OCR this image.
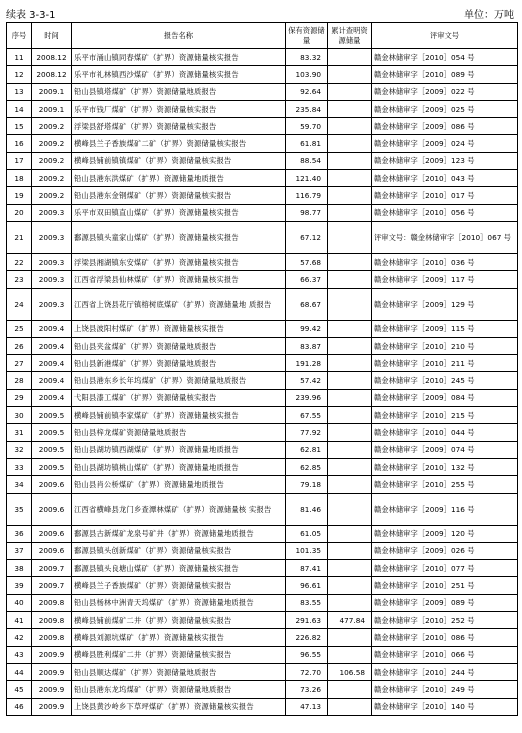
续表 3-3-1	单位：万吨
序号	时间	报告名称	保有资源储量	累计查明资源储量	评审文号
11	2008.12	乐平市涌山镇同春煤矿（扩界）资源储量核实报告	83.32		赣金林储审字［2010］054 号
12	2008.12	乐平市礼林镇西沙煤矿（扩界）资源储量核实报告	103.90		赣金林储审字［2010］089 号
13	2009.1	铅山县镇塔煤矿（扩界）资源储量地质报告	92.64		赣金林储审字［2009］022 号
14	2009.1	乐平市钱厂煤矿（扩界）资源储量核实报告	235.84		赣金林储审字［2009］025 号
15	2009.2	浮梁县舒塔煤矿（扩界）资源储量核实报告	59.70		赣金林储审字［2009］086 号
16	2009.2	横峰县兰子香族煤矿二矿（扩界）资源储量核实报告	61.81		赣金林储审字［2009］024 号
17	2009.2	横峰县铺前镇镇煤矿（扩界）资源储量核实报告	88.54		赣金林储审字［2009］123 号
18	2009.2	铅山县港东洪煤矿（扩界）资源储量地质报告	121.40		赣金林储审字［2010］043 号
19	2009.2	铅山县港东金钢煤矿（扩界）资源储量核实报告	116.79		赣金林储审字［2010］017 号
20	2009.3	乐平市双田镇直山煤矿（扩界）资源储量核实报告	98.77		赣金林储审字［2010］056 号
21	2009.3	鄱源县镇头童家山煤矿（扩界）资源储量核实报告	67.12		评审文号：赣金林储审字［2010］067 号
22	2009.3	浮梁县湘湖镇东安煤矿（扩界）资源储量核实报告	57.68		赣金林储审字［2010］036 号
23	2009.3	江西省浮梁县仙林煤矿（扩界）资源储量核实报告	66.37		赣金林储审字［2009］117 号
24	2009.3	江西省上饶县花厅镇榕树底煤矿（扩界）资源储量地 质报告	68.67		赣金林储审字［2009］129 号
25	2009.4	上饶县波阳村煤矿（扩界）资源储量核实报告	99.42		赣金林储审字［2009］115 号
26	2009.4	铅山县夹盆煤矿（扩界）资源储量地质报告	83.87		赣金林储审字［2010］210 号
27	2009.4	铅山县新港煤矿（扩界）资源储量地质报告	191.28		赣金林储审字［2010］211 号
28	2009.4	铅山县港东乡长年坞煤矿（扩界）资源储量地质报告	57.42		赣金林储审字［2010］245 号
29	2009.4	弋阳县漆工煤矿（扩界）资源储量核实报告	239.96		赣金林储审字［2009］084 号
30	2009.5	横峰县铺前镇李家煤矿（扩界）资源储量核实报告	67.55		赣金林储审字［2010］215 号
31	2009.5	铅山县梓龙煤矿资源储量地质报告	77.92		赣金林储审字［2010］044 号
32	2009.5	铅山县湖坊镇西湖煤矿（扩界）资源储量地质报告	62.81		赣金林储审字［2009］074 号
33	2009.5	铅山县湖坊镇桃山煤矿（扩界）资源储量地质报告	62.85		赣金林储审字［2010］132 号
34	2009.6	铅山县肖公桥煤矿（扩界）资源储量地质报告	79.18		赣金林储审字［2010］255 号
35	2009.6	江西省横峰县龙门乡查潭林煤矿（扩界）资源储量核 实报告	81.46		赣金林储审字［2009］116 号
36	2009.6	鄱源县古新煤矿龙泉号矿井（扩界）资源储量地质报告	61.05		赣金林储审字［2009］120 号
37	2009.6	鄱源县镇头创新煤矿（扩界）资源储量核实报告	101.35		赣金林储审字［2009］026 号
38	2009.7	鄱源县镇头良塘山煤矿（扩界）资源储量核实报告	87.41		赣金林储审字［2010］077 号
39	2009.7	横峰县兰子香族煤矿（扩界）资源储量核实报告	96.61		赣金林储审字［2010］251 号
40	2009.8	铅山县杨林中洲青天坞煤矿（扩界）资源储量地质报告	83.55		赣金林储审字［2009］089 号
41	2009.8	横峰县铺前煤矿二井（扩界）资源储量核实报告	291.63	477.84	赣金林储审字［2010］252 号
42	2009.8	横峰县刘源坑煤矿（扩界）资源储量核实报告	226.82		赣金林储审字［2010］086 号
43	2009.9	横峰县胜利煤矿二井（扩界）资源储量核实报告	96.55		赣金林储审字［2010］066 号
44	2009.9	铅山县顺达煤矿（扩界）资源储量地质报告	72.70	106.58	赣金林储审字［2010］244 号
45	2009.9	铅山县港东龙坞煤矿（扩界）资源储量地质报告	73.26		赣金林储审字［2010］249 号
46	2009.9	上饶县黄沙岭乡下草坪煤矿（扩界）资源储量核实报告	47.13		赣金林储审字［2010］140 号
